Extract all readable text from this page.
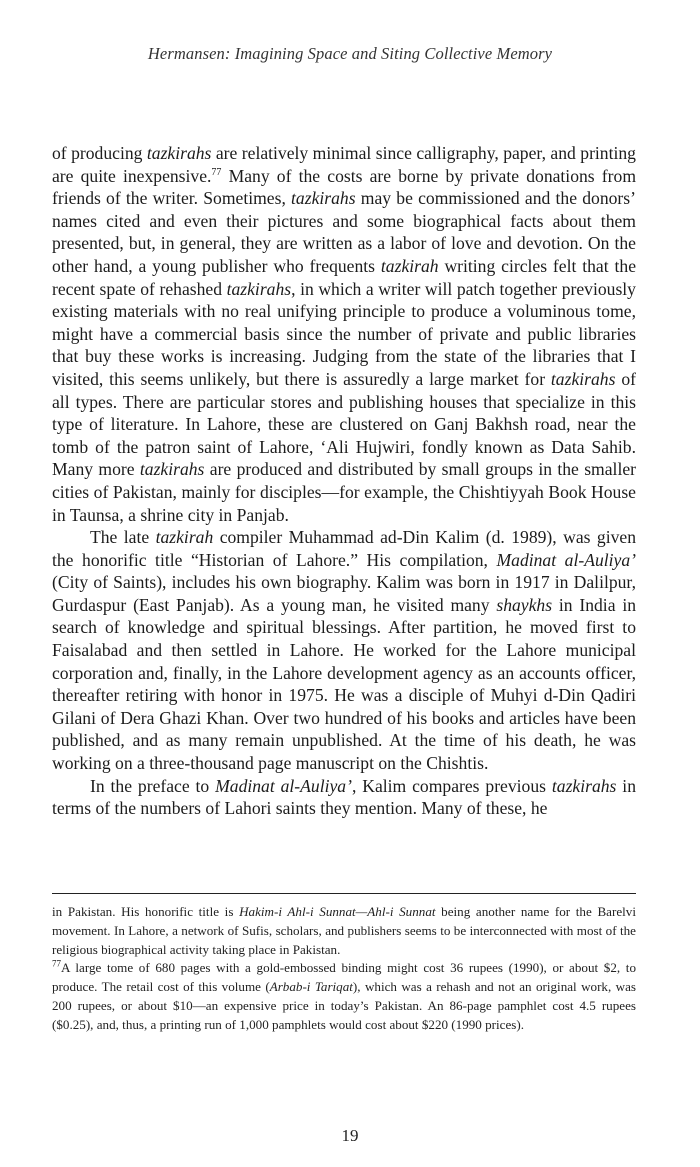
Hermansen: Imagining Space and Siting Collective Memory

of producing tazkirahs are relatively minimal since calligraphy, paper, and printing are quite inexpensive.$^{77}$ Many of the costs are borne by private donations from friends of the writer. Sometimes, tazkirahs may be commissioned and the donors’ names cited and even their pictures and some biographical facts about them presented, but, in general, they are written as a labor of love and devotion. On the other hand, a young publisher who frequents tazkirah writing circles felt that the recent spate of rehashed tazkirahs, in which a writer will patch together previously existing materials with no real unifying principle to produce a voluminous tome, might have a commercial basis since the number of private and public libraries that buy these works is increasing. Judging from the state of the libraries that I visited, this seems unlikely, but there is assuredly a large market for tazkirahs of all types. There are particular stores and publishing houses that specialize in this type of literature. In Lahore, these are clustered on Ganj Bakhsh road, near the tomb of the patron saint of Lahore, ‘Ali Hujwiri, fondly known as Data Sahib. Many more tazkirahs are produced and distributed by small groups in the smaller cities of Pakistan, mainly for disciples—for example, the Chishtiyyah Book House in Taunsa, a shrine city in Panjab.

The late tazkirah compiler Muhammad ad-Din Kalim (d. 1989), was given the honorific title “Historian of Lahore.” His compilation, Madinat al-Auliya’ (City of Saints), includes his own biography. Kalim was born in 1917 in Dalilpur, Gurdaspur (East Panjab). As a young man, he visited many shaykhs in India in search of knowledge and spiritual blessings. After partition, he moved first to Faisalabad and then settled in Lahore. He worked for the Lahore municipal corporation and, finally, in the Lahore development agency as an accounts officer, thereafter retiring with honor in 1975. He was a disciple of Muhyi d-Din Qadiri Gilani of Dera Ghazi Khan. Over two hundred of his books and articles have been published, and as many remain unpublished. At the time of his death, he was working on a three-thousand page manuscript on the Chishtis.

In the preface to Madinat al-Auliya’, Kalim compares previous tazkirahs in terms of the numbers of Lahori saints they mention. Many of these, he

in Pakistan. His honorific title is Hakim-i Ahl-i Sunnat—Ahl-i Sunnat being another name for the Barelvi movement. In Lahore, a network of Sufis, scholars, and publishers seems to be interconnected with most of the religious biographical activity taking place in Pakistan.

$^{77}$A large tome of 680 pages with a gold-embossed binding might cost 36 rupees (1990), or about $2, to produce. The retail cost of this volume (Arbab-i Tariqat), which was a rehash and not an original work, was 200 rupees, or about $10—an expensive price in today’s Pakistan. An 86-page pamphlet cost 4.5 rupees ($0.25), and, thus, a printing run of 1,000 pamphlets would cost about $220 (1990 prices).

19
